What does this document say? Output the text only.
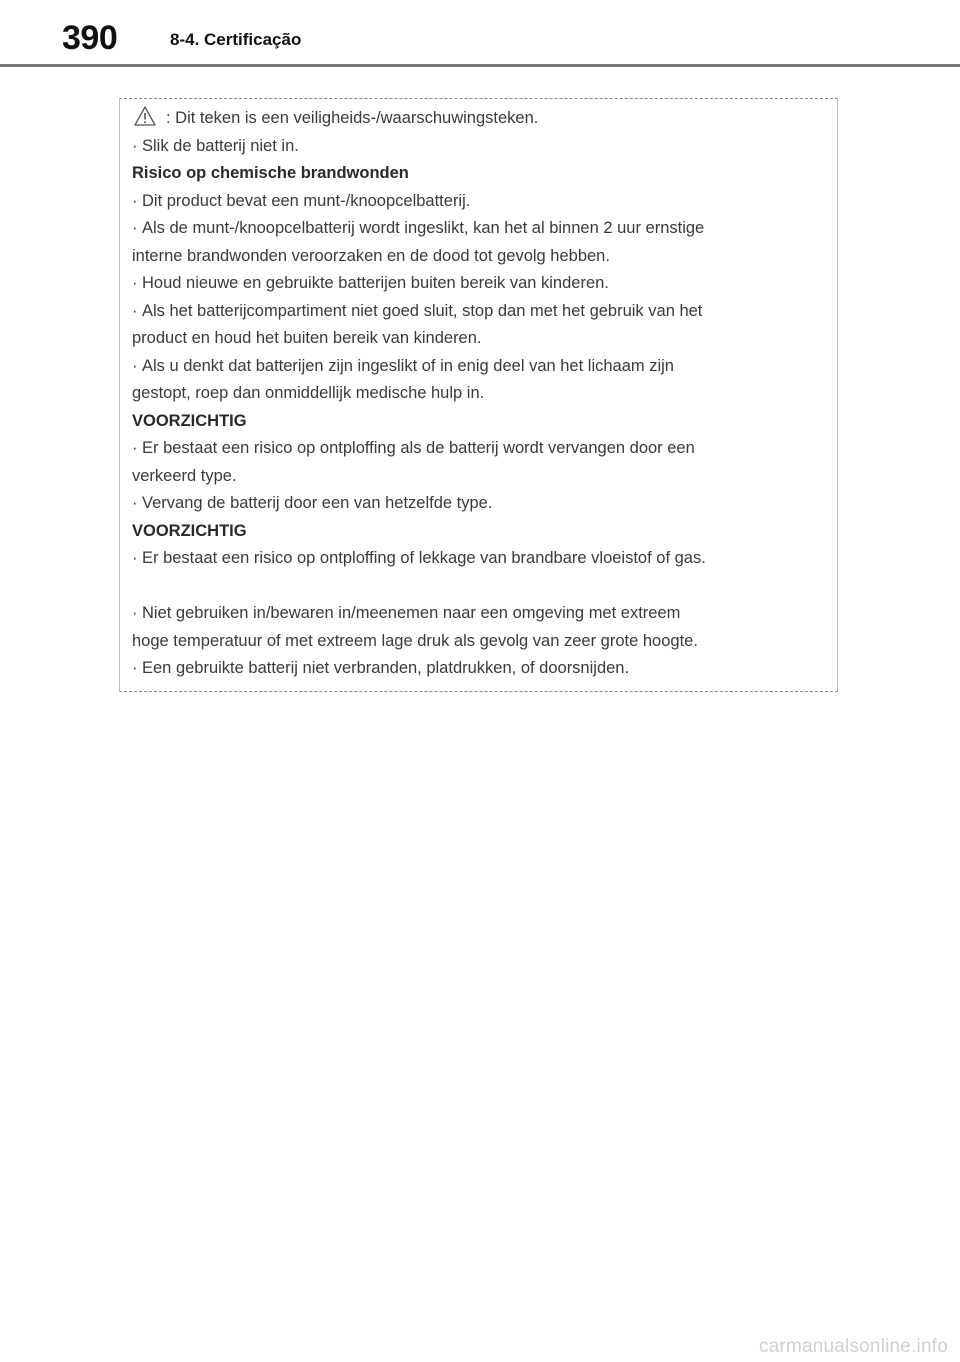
390	8-4. Certificação
: Dit teken is een veiligheids-/waarschuwingsteken.
· Slik de batterij niet in.
Risico op chemische brandwonden
· Dit product bevat een munt-/knoopcelbatterij.
· Als de munt-/knoopcelbatterij wordt ingeslikt, kan het al binnen 2 uur ernstige
interne brandwonden veroorzaken en de dood tot gevolg hebben.
· Houd nieuwe en gebruikte batterijen buiten bereik van kinderen.
· Als het batterijcompartiment niet goed sluit, stop dan met het gebruik van het
product en houd het buiten bereik van kinderen.
· Als u denkt dat batterijen zijn ingeslikt of in enig deel van het lichaam zijn
gestopt, roep dan onmiddellijk medische hulp in.
VOORZICHTIG
· Er bestaat een risico op ontploffing als de batterij wordt vervangen door een
verkeerd type.
· Vervang de batterij door een van hetzelfde type.
VOORZICHTIG
· Er bestaat een risico op ontploffing of lekkage van brandbare vloeistof of gas.
· Niet gebruiken in/bewaren in/meenemen naar een omgeving met extreem
hoge temperatuur of met extreem lage druk als gevolg van zeer grote hoogte.
· Een gebruikte batterij niet verbranden, platdrukken, of doorsnijden.
carmanualsonline.info
